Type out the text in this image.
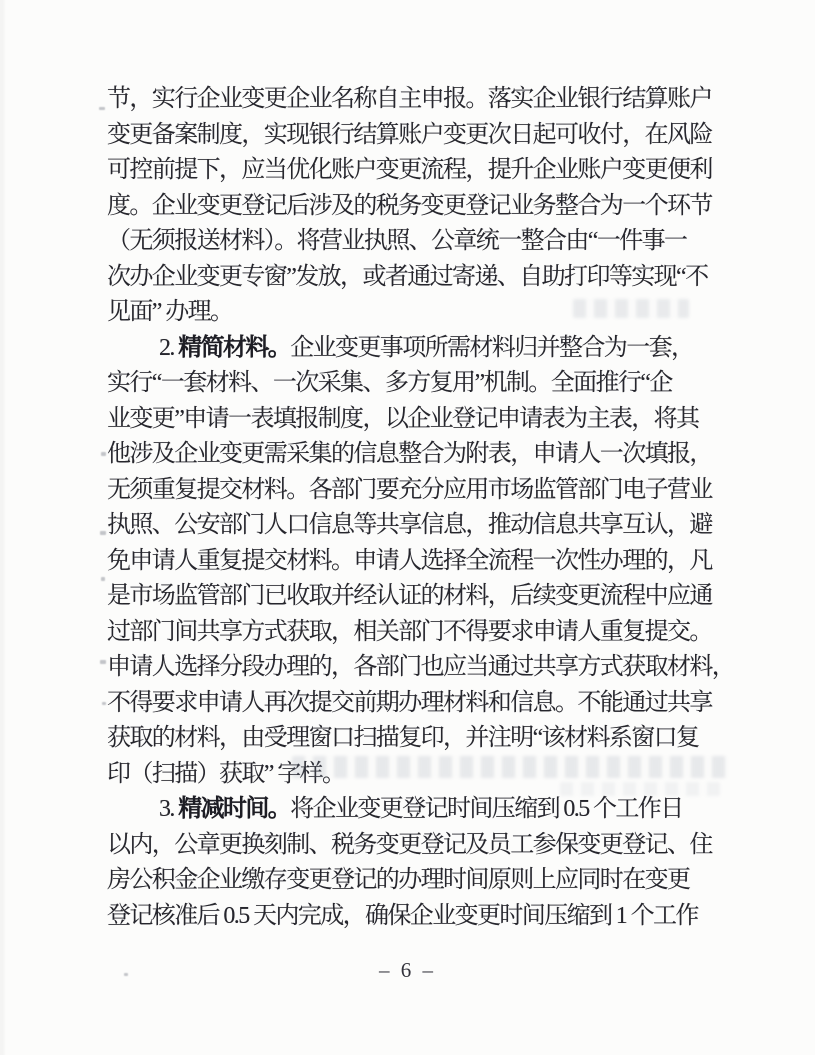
节，实行企业变更企业名称自主申报。落实企业银行结算账户
变更备案制度，实现银行结算账户变更次日起可收付，在风险
可控前提下，应当优化账户变更流程，提升企业账户变更便利
度。企业变更登记后涉及的税务变更登记业务整合为一个环节
（无须报送材料）。将营业执照、公章统一整合由“一件事一
次办企业变更专窗”发放，或者通过寄递、自助打印等实现“不
见面” 办理。
2. 精简材料。企业变更事项所需材料归并整合为一套，
实行“一套材料、一次采集、多方复用”机制。全面推行“企
业变更”申请一表填报制度，以企业登记申请表为主表，将其
他涉及企业变更需采集的信息整合为附表，申请人一次填报，
无须重复提交材料。各部门要充分应用市场监管部门电子营业
执照、公安部门人口信息等共享信息，推动信息共享互认，避
免申请人重复提交材料。申请人选择全流程一次性办理的，凡
是市场监管部门已收取并经认证的材料，后续变更流程中应通
过部门间共享方式获取，相关部门不得要求申请人重复提交。
申请人选择分段办理的，各部门也应当通过共享方式获取材料，
不得要求申请人再次提交前期办理材料和信息。不能通过共享
获取的材料，由受理窗口扫描复印，并注明“该材料系窗口复
印（扫描）获取” 字样。
3. 精减时间。将企业变更登记时间压缩到 0.5 个工作日
以内，公章更换刻制、税务变更登记及员工参保变更登记、住
房公积金企业缴存变更登记的办理时间原则上应同时在变更
登记核准后 0.5 天内完成，确保企业变更时间压缩到 1 个工作
– 6 –
